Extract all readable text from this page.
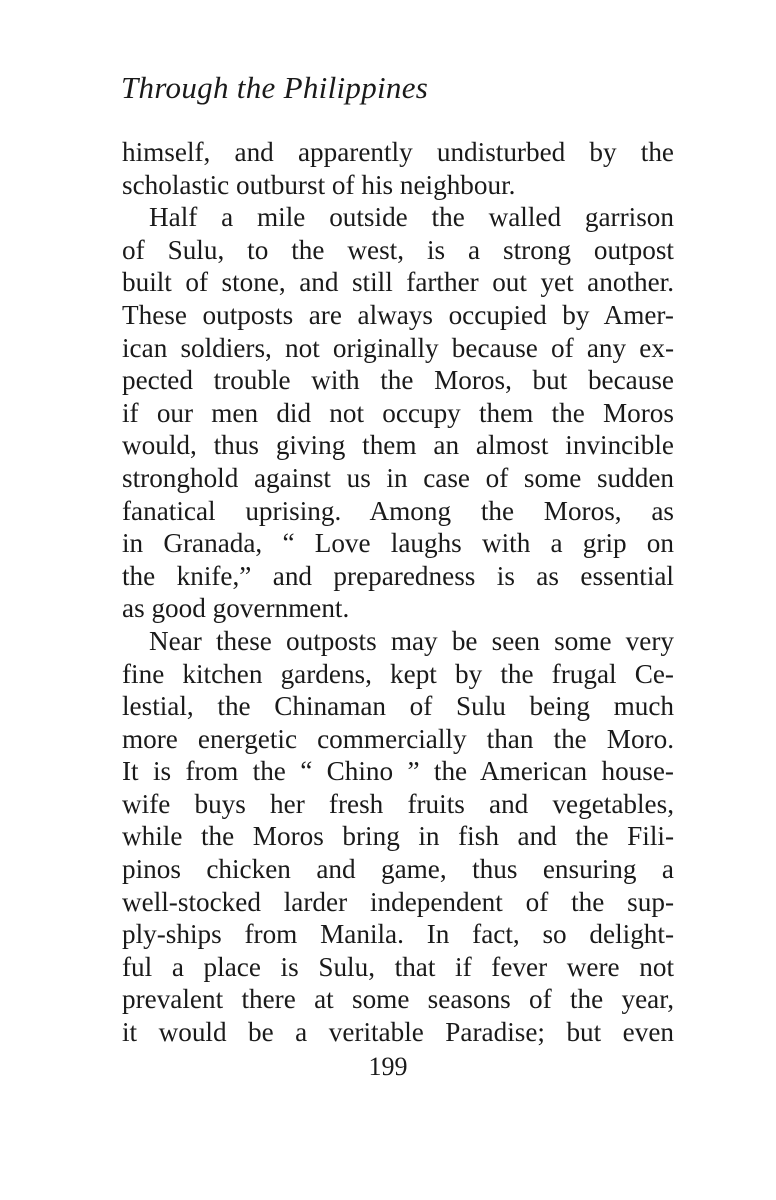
Through the Philippines
himself, and apparently undisturbed by the
scholastic outburst of his neighbour.
Half a mile outside the walled garrison
of Sulu, to the west, is a strong outpost
built of stone, and still farther out yet another.
These outposts are always occupied by Amer-
ican soldiers, not originally because of any ex-
pected trouble with the Moros, but because
if our men did not occupy them the Moros
would, thus giving them an almost invincible
stronghold against us in case of some sudden
fanatical uprising. Among the Moros, as
in Granada, “ Love laughs with a grip on
the knife,” and preparedness is as essential
as good government.
Near these outposts may be seen some very
fine kitchen gardens, kept by the frugal Ce-
lestial, the Chinaman of Sulu being much
more energetic commercially than the Moro.
It is from the “ Chino ” the American house-
wife buys her fresh fruits and vegetables,
while the Moros bring in fish and the Fili-
pinos chicken and game, thus ensuring a
well-stocked larder independent of the sup-
ply-ships from Manila. In fact, so delight-
ful a place is Sulu, that if fever were not
prevalent there at some seasons of the year,
it would be a veritable Paradise; but even
199
